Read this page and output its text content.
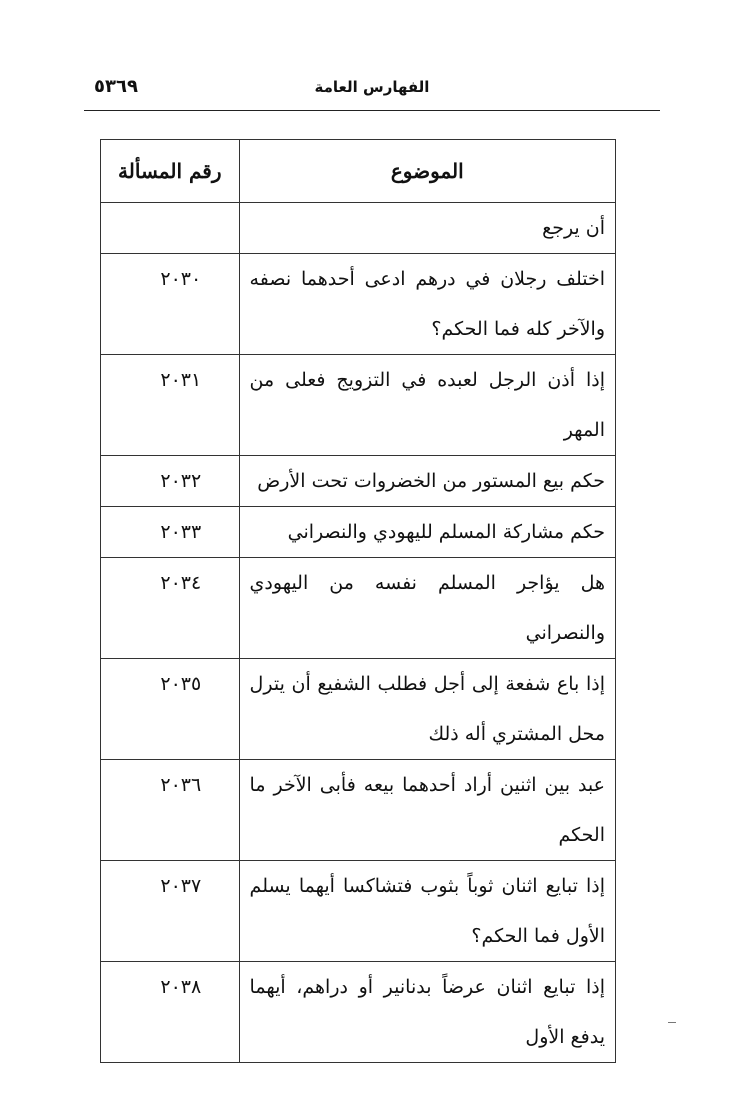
الفهارس العامة
٥٣٦٩
الموضوع	رقم المسألة
أن يرجع	
اختلف رجلان في درهم ادعى أحدهما نصفه والآخر كله فما الحكم؟	٢٠٣٠
إذا أذن الرجل لعبده في التزويج فعلى من المهر	٢٠٣١
حكم بيع المستور من الخضروات تحت الأرض	٢٠٣٢
حكم مشاركة المسلم لليهودي والنصراني	٢٠٣٣
هل يؤاجر المسلم نفسه من اليهودي والنصراني	٢٠٣٤
إذا باع شفعة إلى أجل فطلب الشفيع أن يترل محل المشتري أله ذلك	٢٠٣٥
عبد بين اثنين أراد أحدهما بيعه فأبى الآخر ما الحكم	٢٠٣٦
إذا تبايع اثنان ثوباً بثوب فتشاكسا أيهما يسلم الأول فما الحكم؟	٢٠٣٧
إذا تبايع اثنان عرضاً بدنانير أو دراهم، أيهما يدفع الأول	٢٠٣٨
